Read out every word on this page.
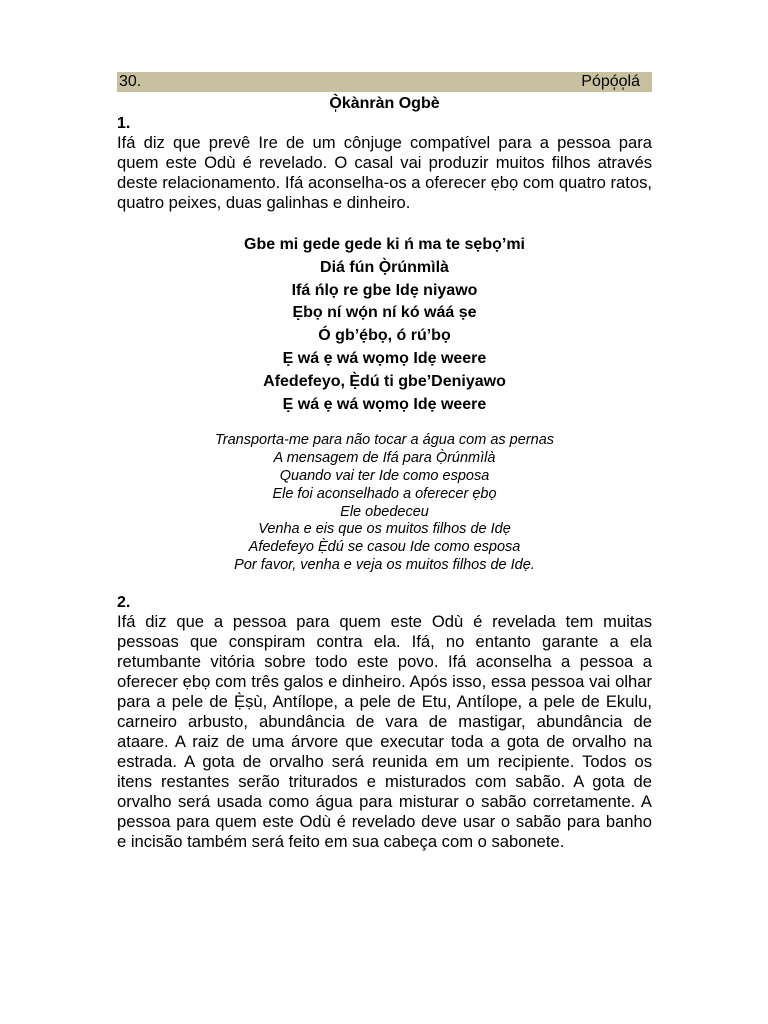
30.	Pópó̩o̩lá
Ò̩kànràn Ogbè
1.

Ifá diz que prevê Ire de um cônjuge compatível para a pessoa para quem este Odù é revelado. O casal vai produzir muitos filhos através deste relacionamento. Ifá aconselha-os a oferecer ẹbọ com quatro ratos, quatro peixes, duas galinhas e dinheiro.

Gbe mi gede gede ki ń ma te sẹbọ’mi
Diá fún Ọ̀rúnmìlà
Ifá ńlọ re gbe Idẹ niyawo
Ẹbọ ní wọ́n ní kó wáá ṣe
Ó gb’ẹ́bọ, ó rú’bọ
Ẹ wá ẹ wá wọmọ Idẹ weere
Afedefeyo, Ẹ̀dú ti gbe’Deniyawo
Ẹ wá ẹ wá wọmọ Idẹ weere
Transporta-me para não tocar a água com as pernas
A mensagem de Ifá para Ọ̀rúnmìlà
Quando vai ter Ide como esposa
Ele foi aconselhado a oferecer ẹbọ
Ele obedeceu
Venha e eis que os muitos filhos de Idẹ
Afedefeyo Ẹ̀dú se casou Ide como esposa
Por favor, venha e veja os muitos filhos de Idẹ.
2.

Ifá diz que a pessoa para quem este Odù é revelada tem muitas pessoas que conspiram contra ela. Ifá, no entanto garante a ela retumbante vitória sobre todo este povo. Ifá aconselha a pessoa a oferecer ẹbọ com três galos e dinheiro. Após isso, essa pessoa vai olhar para a pele de Ẹ̀ṣù, Antílope, a pele de Etu, Antílope, a pele de Ekulu, carneiro arbusto, abundância de vara de mastigar, abundância de ataare. A raiz de uma árvore que executar toda a gota de orvalho na estrada. A gota de orvalho será reunida em um recipiente. Todos os itens restantes serão triturados e misturados com sabão. A gota de orvalho será usada como água para misturar o sabão corretamente. A pessoa para quem este Odù é revelado deve usar o sabão para banho e incisão também será feito em sua cabeça com o sabonete.
